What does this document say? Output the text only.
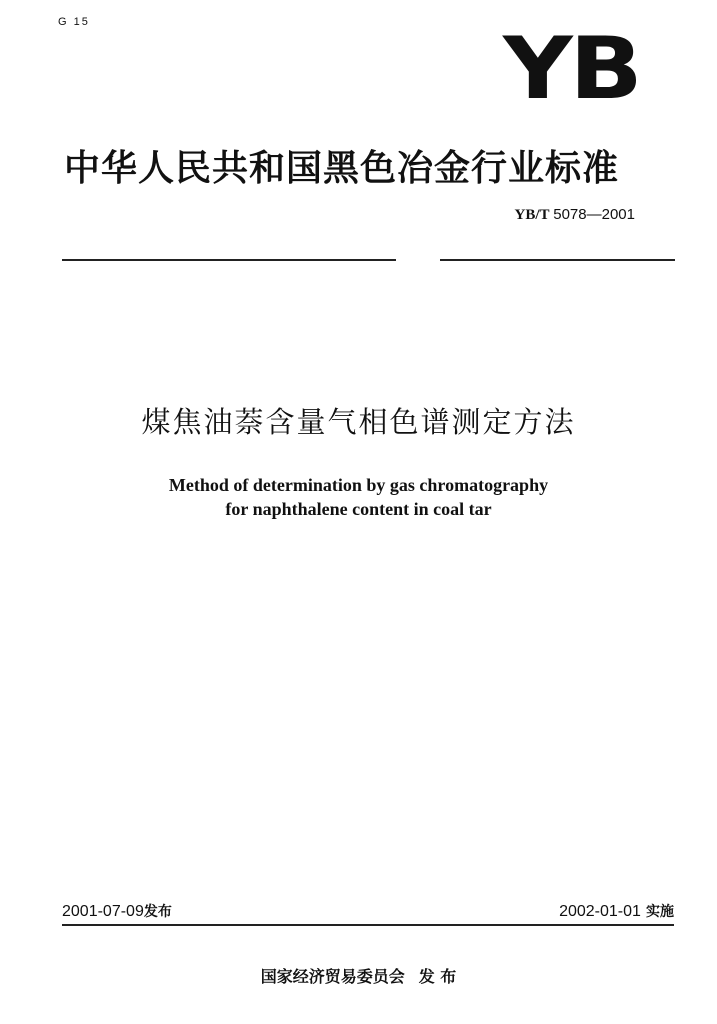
G 15	YB
中华人民共和国黑色冶金行业标准
YB/T 5078—2001
煤焦油萘含量气相色谱测定方法
Method of determination by gas chromatography
for naphthalene content in coal tar
2001-07-09发布	2002-01-01 实施
国家经济贸易委员会 发 布
